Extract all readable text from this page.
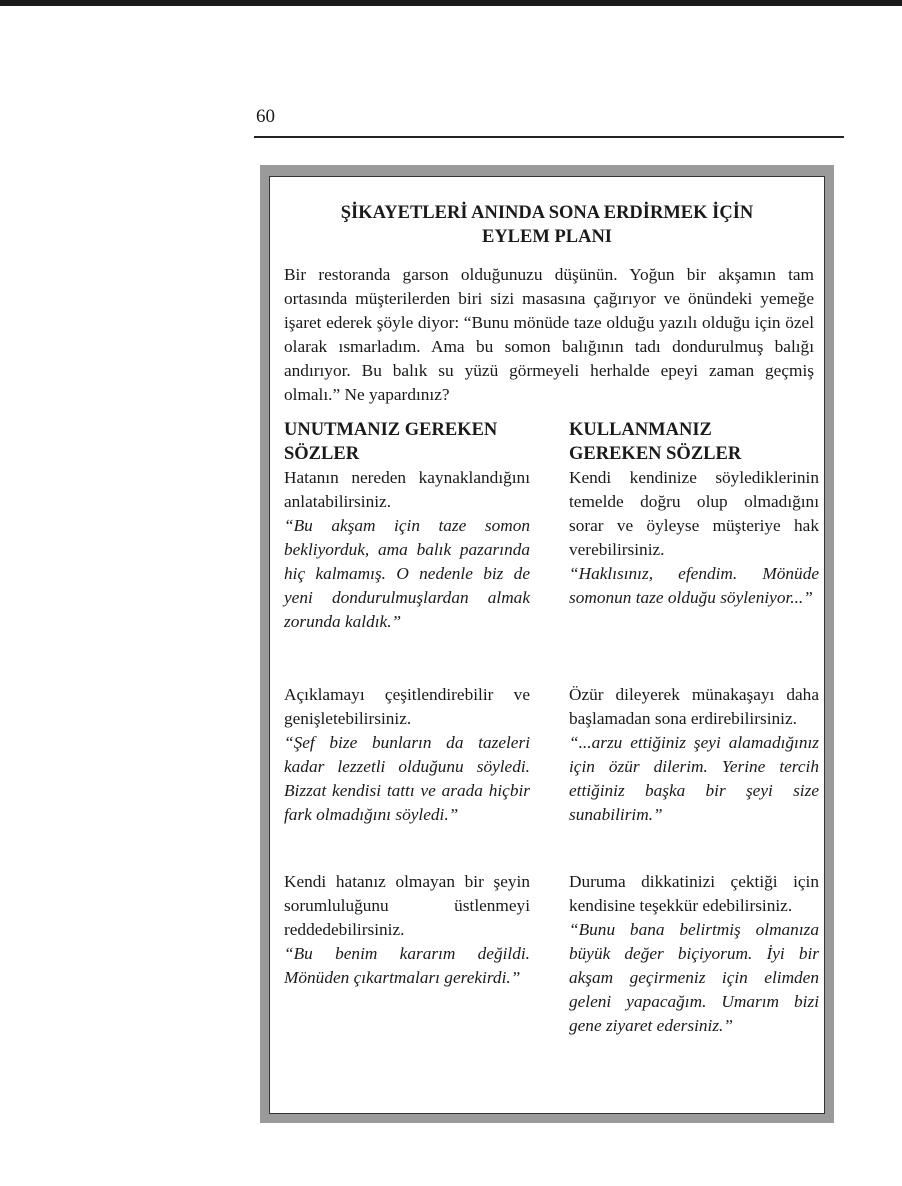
60
ŞİKAYETLERİ ANINDA SONA ERDİRMEK İÇİN
EYLEM PLANI
Bir restoranda garson olduğunuzu düşünün. Yoğun bir akşamın tam ortasında müşterilerden biri sizi masasına çağırıyor ve önündeki yemeğe işaret ederek şöyle diyor: “Bunu mönüde taze olduğu yazılı olduğu için özel olarak ısmarladım. Ama bu somon balığının tadı dondurulmuş balığı andırıyor. Bu balık su yüzü görmeyeli herhalde epeyi zaman geçmiş olmalı.” Ne yapardınız?
UNUTMANIZ GEREKEN
SÖZLER
Hatanın nereden kaynaklandığını anlatabilirsiniz.
“Bu akşam için taze somon bekliyorduk, ama balık pazarında hiç kalmamış. O nedenle biz de yeni dondurulmuşlardan almak zorunda kaldık.”
Açıklamayı çeşitlendirebilir ve genişletebilirsiniz.
“Şef bize bunların da tazeleri kadar lezzetli olduğunu söyledi. Bizzat kendisi tattı ve arada hiçbir fark olmadığını söyledi.”
Kendi hatanız olmayan bir şeyin sorumluluğunu üstlenmeyi reddedebilirsiniz.
“Bu benim kararım değildi. Mönüden çıkartmaları gerekirdi.”
KULLANMANIZ
GEREKEN SÖZLER
Kendi kendinize söylediklerinin temelde doğru olup olmadığını sorar ve öyleyse müşteriye hak verebilirsiniz.
“Haklısınız, efendim. Mönüde somonun taze olduğu söyleniyor...”
Özür dileyerek münakaşayı daha başlamadan sona erdirebilirsiniz.
“...arzu ettiğiniz şeyi alamadığınız için özür dilerim. Yerine tercih ettiğiniz başka bir şeyi size sunabilirim.”
Duruma dikkatinizi çektiği için kendisine teşekkür edebilirsiniz.
“Bunu bana belirtmiş olmanıza büyük değer biçiyorum. İyi bir akşam geçirmeniz için elimden geleni yapacağım. Umarım bizi gene ziyaret edersiniz.”
